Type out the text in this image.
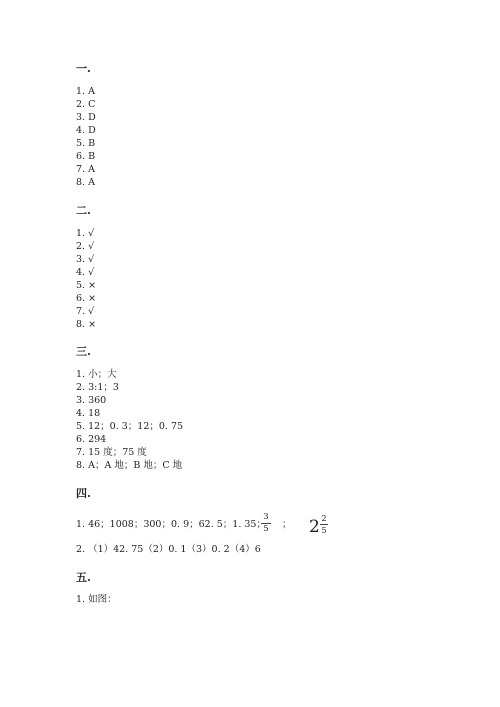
一.
1. A
2. C
3. D
4. D
5. B
6. B
7. A
8. A
二.
1. √
2. √
3. √
4. √
5. ×
6. ×
7. √
8. ×
三.
1. 小；大
2. 3:1；3
3. 360
4. 18
5. 12；0. 3；12；0. 75
6. 294
7. 15 度；75 度
8. A；A 地；B 地；C 地
四.
1. 46；1008；300；0. 9；62. 5；1. 35；
3
5	； 2 2
5
2. （1）42. 75（2）0. 1（3）0. 2（4）6
五.
1. 如图：
